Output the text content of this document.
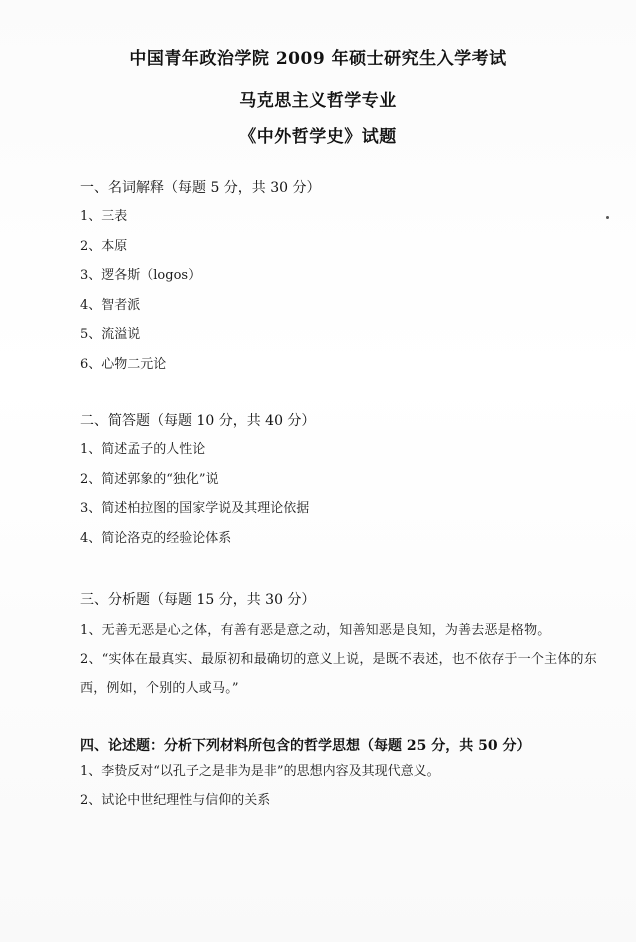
中国青年政治学院 2009 年硕士研究生入学考试
马克思主义哲学专业
《中外哲学史》试题
一、名词解释（每题 5 分，共 30 分）
1、三表
2、本原
3、逻各斯（logos）
4、智者派
5、流溢说
6、心物二元论
二、简答题（每题 10 分，共 40 分）
1、简述孟子的人性论
2、简述郭象的“独化”说
3、简述柏拉图的国家学说及其理论依据
4、简论洛克的经验论体系
三、分析题（每题 15 分，共 30 分）
1、无善无恶是心之体，有善有恶是意之动，知善知恶是良知，为善去恶是格物。
2、“实体在最真实、最原初和最确切的意义上说，是既不表述，也不依存于一个主体的东西，例如，个别的人或马。”
四、论述题：分析下列材料所包含的哲学思想（每题 25 分，共 50 分）
1、李贽反对“以孔子之是非为是非”的思想内容及其现代意义。
2、试论中世纪理性与信仰的关系
